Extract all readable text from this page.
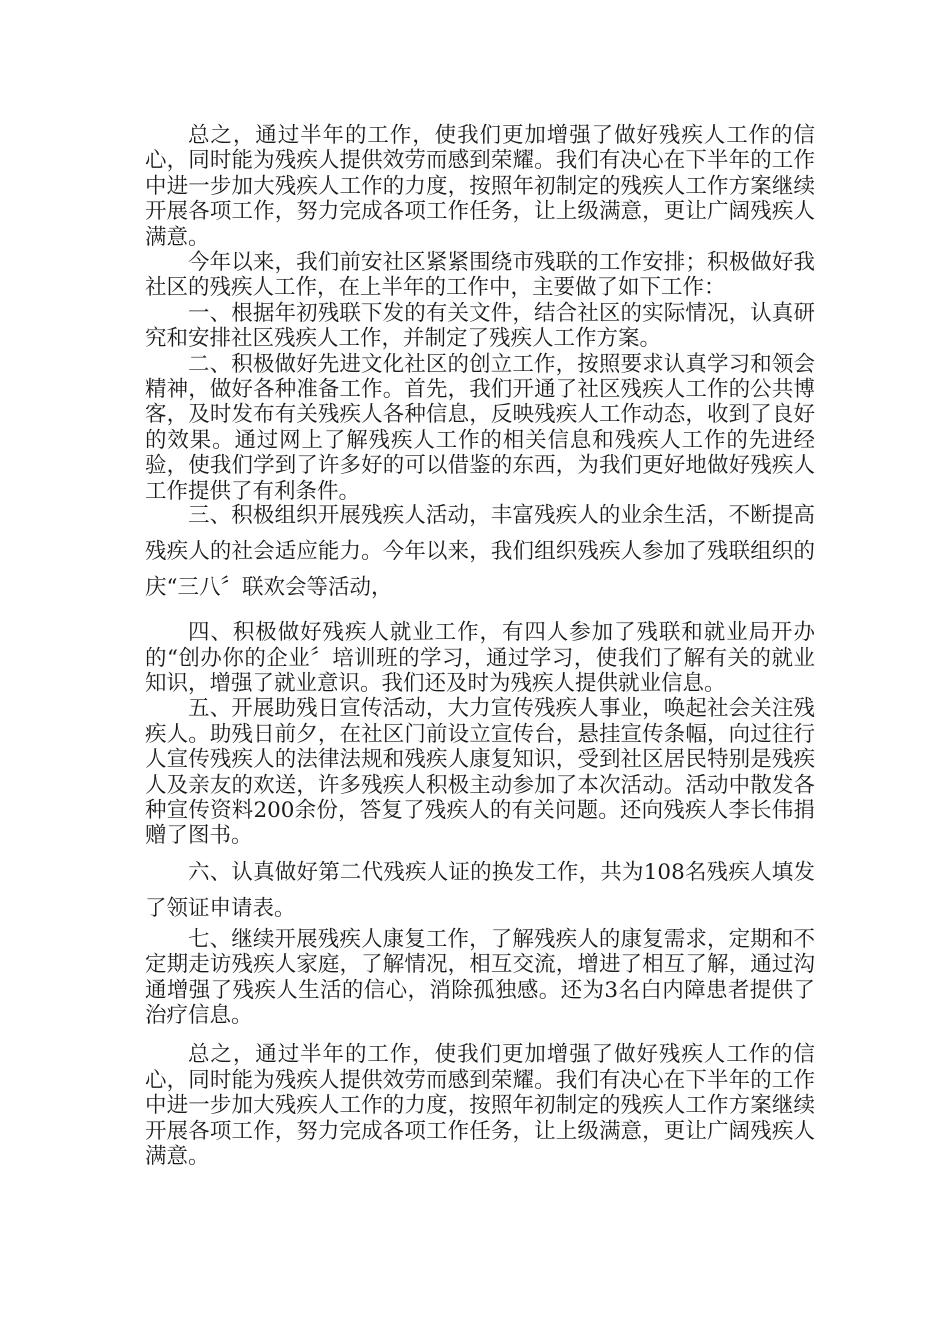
总之，通过半年的工作，使我们更加增强了做好残疾人工作的信心，同时能为残疾人提供效劳而感到荣耀。我们有决心在下半年的工作中进一步加大残疾人工作的力度，按照年初制定的残疾人工作方案继续开展各项工作，努力完成各项工作任务，让上级满意，更让广阔残疾人满意。

今年以来，我们前安社区紧紧围绕市残联的工作安排；积极做好我社区的残疾人工作，在上半年的工作中，主要做了如下工作：

一、根据年初残联下发的有关文件，结合社区的实际情况，认真研究和安排社区残疾人工作，并制定了残疾人工作方案。

二、积极做好先进文化社区的创立工作，按照要求认真学习和领会精神，做好各种准备工作。首先，我们开通了社区残疾人工作的公共博客，及时发布有关残疾人各种信息，反映残疾人工作动态，收到了良好的效果。通过网上了解残疾人工作的相关信息和残疾人工作的先进经验，使我们学到了许多好的可以借鉴的东西，为我们更好地做好残疾人工作提供了有利条件。

三、积极组织开展残疾人活动，丰富残疾人的业余生活，不断提高残疾人的社会适应能力。今年以来，我们组织残疾人参加了残联组织的庆“三八〞联欢会等活动，

四、积极做好残疾人就业工作，有四人参加了残联和就业局开办的“创办你的企业〞培训班的学习，通过学习，使我们了解有关的就业知识，增强了就业意识。我们还及时为残疾人提供就业信息。

五、开展助残日宣传活动，大力宣传残疾人事业，唤起社会关注残疾人。助残日前夕，在社区门前设立宣传台，悬挂宣传条幅，向过往行人宣传残疾人的法律法规和残疾人康复知识，受到社区居民特别是残疾人及亲友的欢送，许多残疾人积极主动参加了本次活动。活动中散发各种宣传资料200余份，答复了残疾人的有关问题。还向残疾人李长伟捐赠了图书。

六、认真做好第二代残疾人证的换发工作，共为108名残疾人填发了领证申请表。

七、继续开展残疾人康复工作，了解残疾人的康复需求，定期和不定期走访残疾人家庭，了解情况，相互交流，增进了相互了解，通过沟通增强了残疾人生活的信心，消除孤独感。还为3名白内障患者提供了治疗信息。

总之，通过半年的工作，使我们更加增强了做好残疾人工作的信心，同时能为残疾人提供效劳而感到荣耀。我们有决心在下半年的工作中进一步加大残疾人工作的力度，按照年初制定的残疾人工作方案继续开展各项工作，努力完成各项工作任务，让上级满意，更让广阔残疾人满意。
